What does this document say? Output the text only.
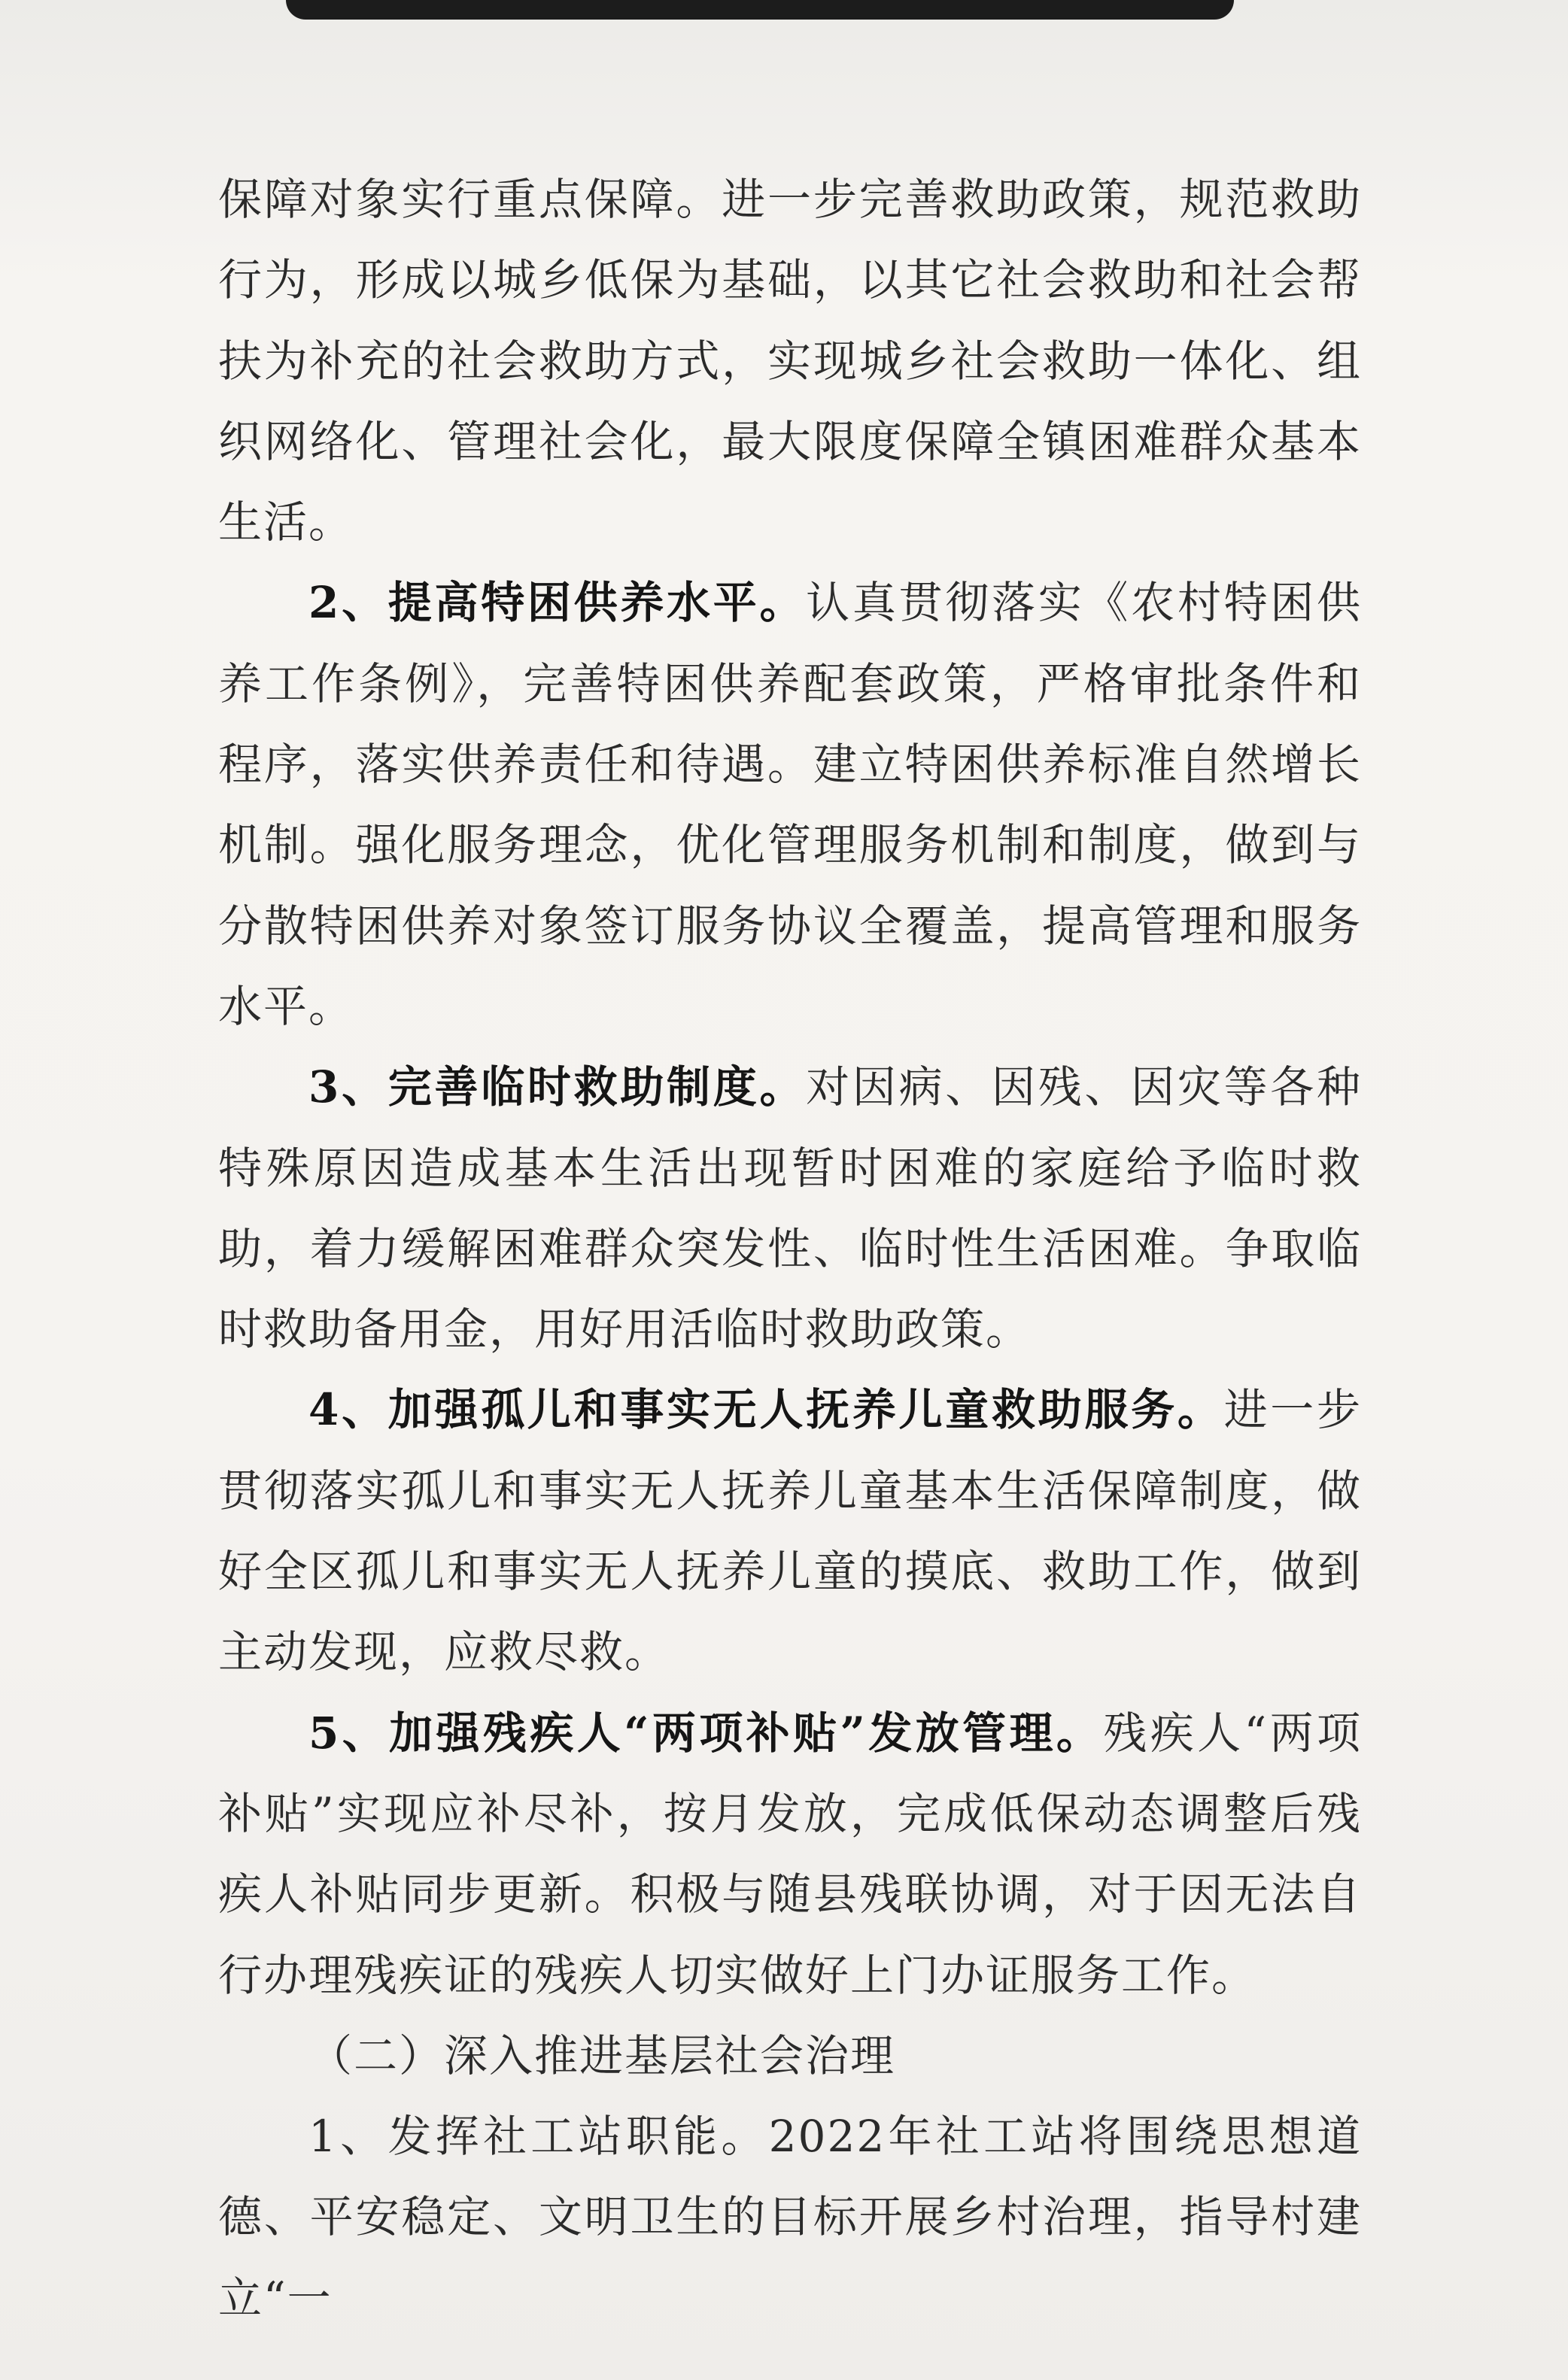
保障对象实行重点保障。进一步完善救助政策，规范救助行为，形成以城乡低保为基础，以其它社会救助和社会帮扶为补充的社会救助方式，实现城乡社会救助一体化、组织网络化、管理社会化，最大限度保障全镇困难群众基本生活。

2、提高特困供养水平。认真贯彻落实《农村特困供养工作条例》，完善特困供养配套政策，严格审批条件和程序，落实供养责任和待遇。建立特困供养标准自然增长机制。强化服务理念，优化管理服务机制和制度，做到与分散特困供养对象签订服务协议全覆盖，提高管理和服务水平。

3、完善临时救助制度。对因病、因残、因灾等各种特殊原因造成基本生活出现暂时困难的家庭给予临时救助，着力缓解困难群众突发性、临时性生活困难。争取临时救助备用金，用好用活临时救助政策。

4、加强孤儿和事实无人抚养儿童救助服务。进一步贯彻落实孤儿和事实无人抚养儿童基本生活保障制度，做好全区孤儿和事实无人抚养儿童的摸底、救助工作，做到主动发现，应救尽救。

5、加强残疾人“两项补贴”发放管理。残疾人“两项补贴”实现应补尽补，按月发放，完成低保动态调整后残疾人补贴同步更新。积极与随县残联协调，对于因无法自行办理残疾证的残疾人切实做好上门办证服务工作。

（二）深入推进基层社会治理

1、发挥社工站职能。2022年社工站将围绕思想道德、平安稳定、文明卫生的目标开展乡村治理，指导村建立“一
